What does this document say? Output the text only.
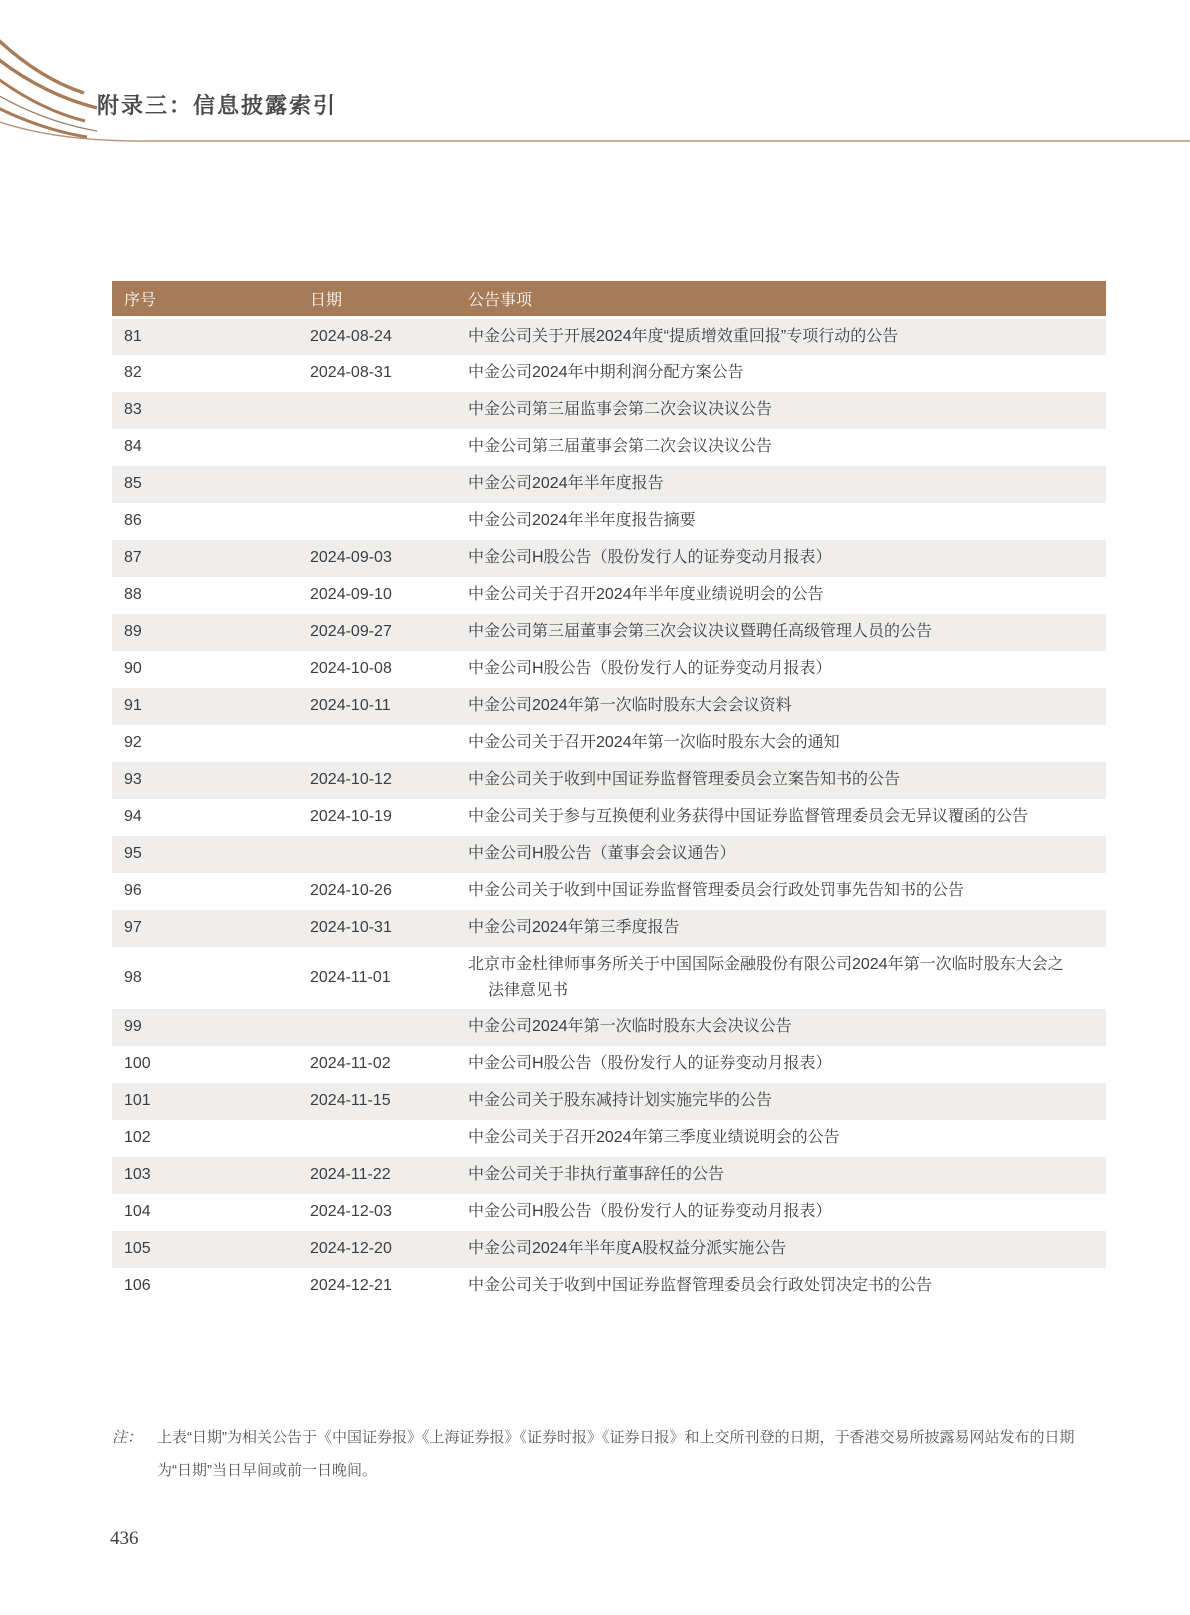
附录三：信息披露索引
序号	日期	公告事项
81	2024-08-24	中金公司关于开展2024年度“提质增效重回报”专项行动的公告
82	2024-08-31	中金公司2024年中期利润分配方案公告
83		中金公司第三届监事会第二次会议决议公告
84		中金公司第三届董事会第二次会议决议公告
85		中金公司2024年半年度报告
86		中金公司2024年半年度报告摘要
87	2024-09-03	中金公司H股公告（股份发行人的证券变动月报表）
88	2024-09-10	中金公司关于召开2024年半年度业绩说明会的公告
89	2024-09-27	中金公司第三届董事会第三次会议决议暨聘任高级管理人员的公告
90	2024-10-08	中金公司H股公告（股份发行人的证券变动月报表）
91	2024-10-11	中金公司2024年第一次临时股东大会会议资料
92		中金公司关于召开2024年第一次临时股东大会的通知
93	2024-10-12	中金公司关于收到中国证券监督管理委员会立案告知书的公告
94	2024-10-19	中金公司关于参与互换便利业务获得中国证券监督管理委员会无异议覆函的公告
95		中金公司H股公告（董事会会议通告）
96	2024-10-26	中金公司关于收到中国证券监督管理委员会行政处罚事先告知书的公告
97	2024-10-31	中金公司2024年第三季度报告
98	2024-11-01	北京市金杜律师事务所关于中国国际金融股份有限公司2024年第一次临时股东大会之法律意见书
99		中金公司2024年第一次临时股东大会决议公告
100	2024-11-02	中金公司H股公告（股份发行人的证券变动月报表）
101	2024-11-15	中金公司关于股东减持计划实施完毕的公告
102		中金公司关于召开2024年第三季度业绩说明会的公告
103	2024-11-22	中金公司关于非执行董事辞任的公告
104	2024-12-03	中金公司H股公告（股份发行人的证券变动月报表）
105	2024-12-20	中金公司2024年半年度A股权益分派实施公告
106	2024-12-21	中金公司关于收到中国证券监督管理委员会行政处罚决定书的公告
注： 上表“日期”为相关公告于《中国证券报》《上海证券报》《证券时报》《证券日报》和上交所刊登的日期，于香港交易所披露易网站发布的日期为“日期”当日早间或前一日晚间。
436
